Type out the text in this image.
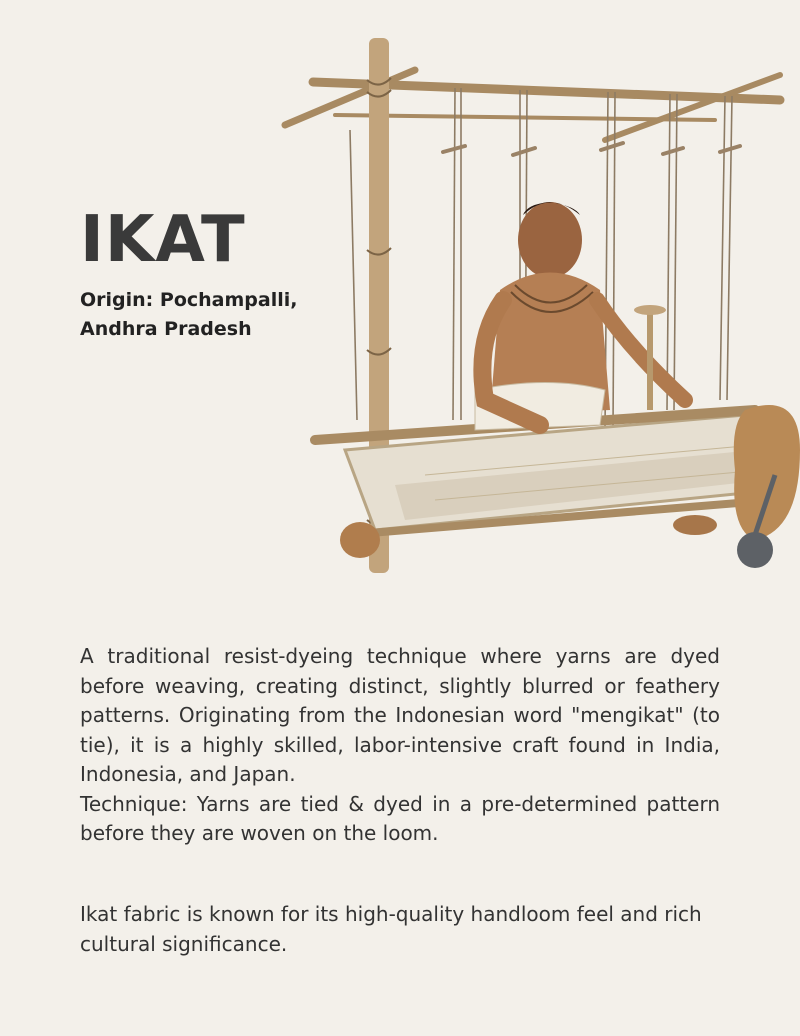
IKAT

Origin: Pochampalli, Andhra Pradesh

A traditional resist-dyeing technique where yarns are dyed before weaving, creating distinct, slightly blurred or feathery patterns. Originating from the Indonesian word "mengikat" (to tie), it is a highly skilled, labor-intensive craft found in India, Indonesia, and Japan.

Technique: Yarns are tied & dyed in a pre-determined pattern before they are woven on the loom.

Ikat fabric is known for its high-quality handloom feel and rich cultural significance.
